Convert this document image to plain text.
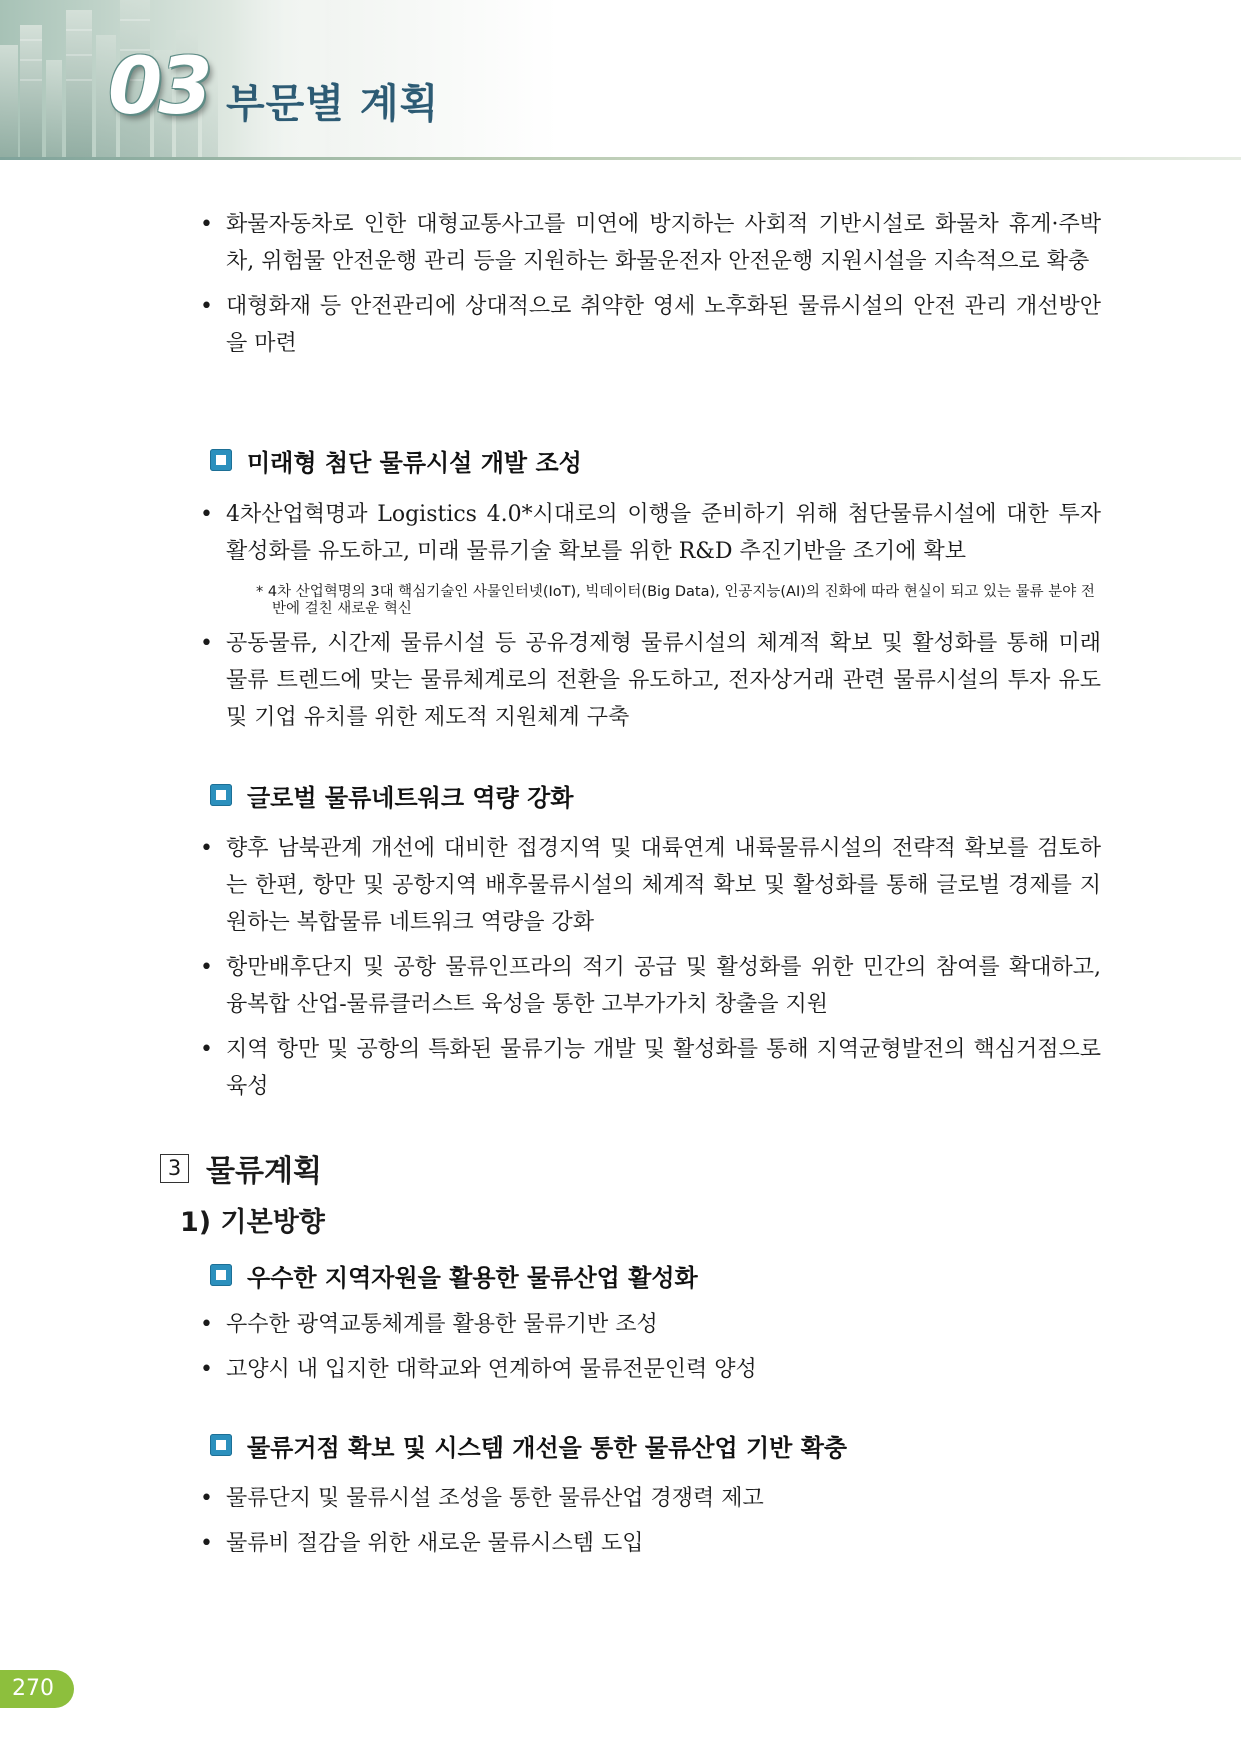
03 부문별 계획
• 화물자동차로 인한 대형교통사고를 미연에 방지하는 사회적 기반시설로 화물차 휴게·주박차, 위험물 안전운행 관리 등을 지원하는 화물운전자 안전운행 지원시설을 지속적으로 확충
• 대형화재 등 안전관리에 상대적으로 취약한 영세 노후화된 물류시설의 안전 관리 개선방안을 마련
미래형 첨단 물류시설 개발 조성
• 4차산업혁명과 Logistics 4.0*시대로의 이행을 준비하기 위해 첨단물류시설에 대한 투자 활성화를 유도하고, 미래 물류기술 확보를 위한 R&D 추진기반을 조기에 확보
* 4차 산업혁명의 3대 핵심기술인 사물인터넷(IoT), 빅데이터(Big Data), 인공지능(AI)의 진화에 따라 현실이 되고 있는 물류 분야 전반에 걸친 새로운 혁신
• 공동물류, 시간제 물류시설 등 공유경제형 물류시설의 체계적 확보 및 활성화를 통해 미래 물류 트렌드에 맞는 물류체계로의 전환을 유도하고, 전자상거래 관련 물류시설의 투자 유도 및 기업 유치를 위한 제도적 지원체계 구축
글로벌 물류네트워크 역량 강화
• 향후 남북관계 개선에 대비한 접경지역 및 대륙연계 내륙물류시설의 전략적 확보를 검토하는 한편, 항만 및 공항지역 배후물류시설의 체계적 확보 및 활성화를 통해 글로벌 경제를 지원하는 복합물류 네트워크 역량을 강화
• 항만배후단지 및 공항 물류인프라의 적기 공급 및 활성화를 위한 민간의 참여를 확대하고, 융복합 산업-물류클러스트 육성을 통한 고부가가치 창출을 지원
• 지역 항만 및 공항의 특화된 물류기능 개발 및 활성화를 통해 지역균형발전의 핵심거점으로 육성
3 물류계획
1) 기본방향
우수한 지역자원을 활용한 물류산업 활성화
• 우수한 광역교통체계를 활용한 물류기반 조성
• 고양시 내 입지한 대학교와 연계하여 물류전문인력 양성
물류거점 확보 및 시스템 개선을 통한 물류산업 기반 확충
• 물류단지 및 물류시설 조성을 통한 물류산업 경쟁력 제고
• 물류비 절감을 위한 새로운 물류시스템 도입
270
